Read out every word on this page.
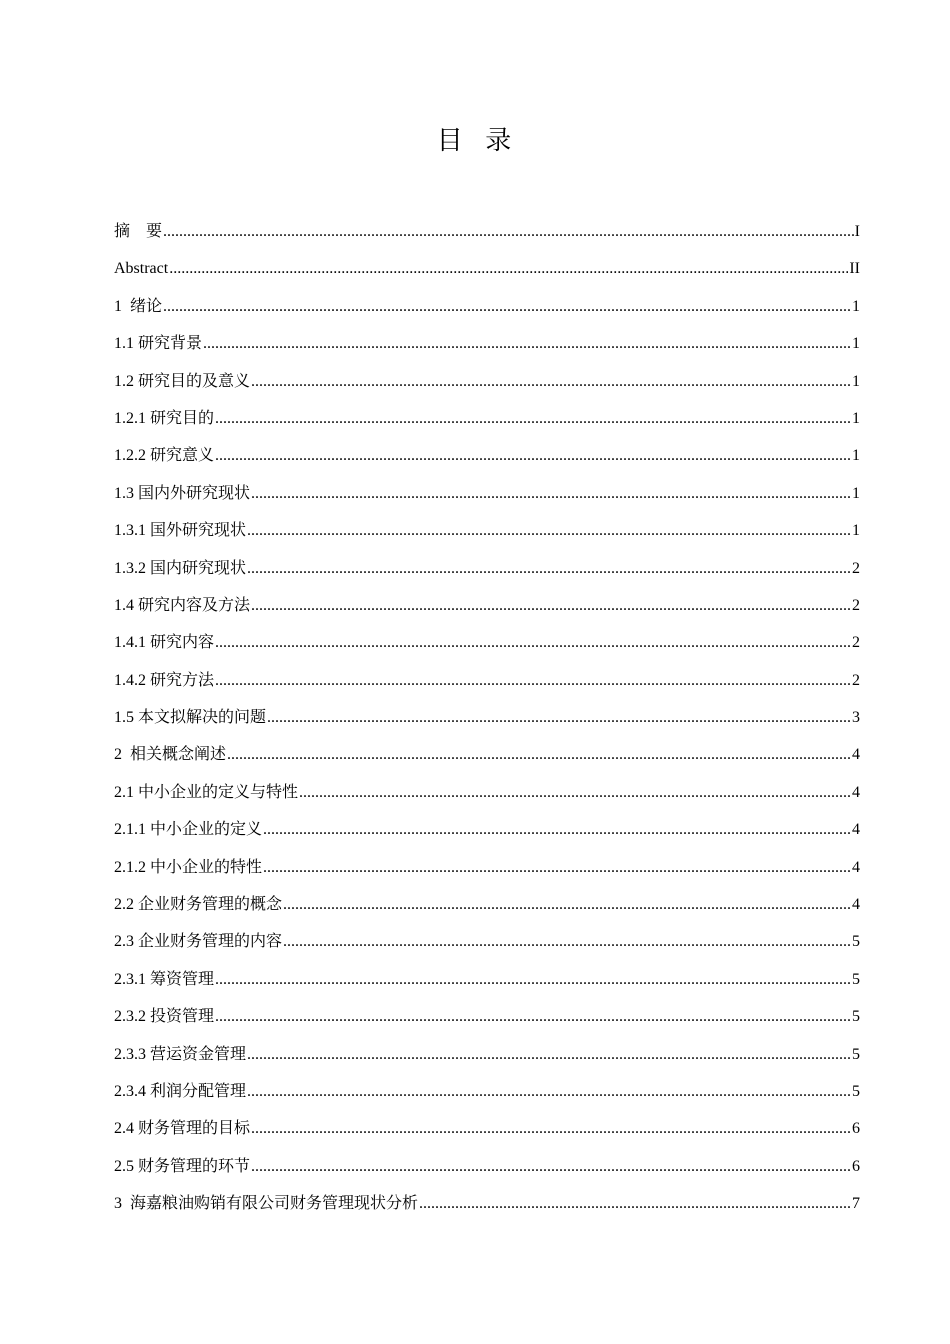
目  录
摘    要 .....	I
Abstract .....	II
1  绪论 .....	1
1.1 研究背景 .....	1
1.2 研究目的及意义 .....	1
1.2.1 研究目的 .....	1
1.2.2 研究意义 .....	1
1.3 国内外研究现状 .....	1
1.3.1 国外研究现状 .....	1
1.3.2 国内研究现状 .....	2
1.4 研究内容及方法 .....	2
1.4.1 研究内容 .....	2
1.4.2 研究方法 .....	2
1.5 本文拟解决的问题 .....	3
2  相关概念阐述 .....	4
2.1 中小企业的定义与特性 .....	4
2.1.1 中小企业的定义 .....	4
2.1.2 中小企业的特性 .....	4
2.2 企业财务管理的概念 .....	4
2.3 企业财务管理的内容 .....	5
2.3.1 筹资管理 .....	5
2.3.2 投资管理 .....	5
2.3.3 营运资金管理 .....	5
2.3.4 利润分配管理 .....	5
2.4 财务管理的目标 .....	6
2.5 财务管理的环节 .....	6
3  海嘉粮油购销有限公司财务管理现状分析 .....	7
